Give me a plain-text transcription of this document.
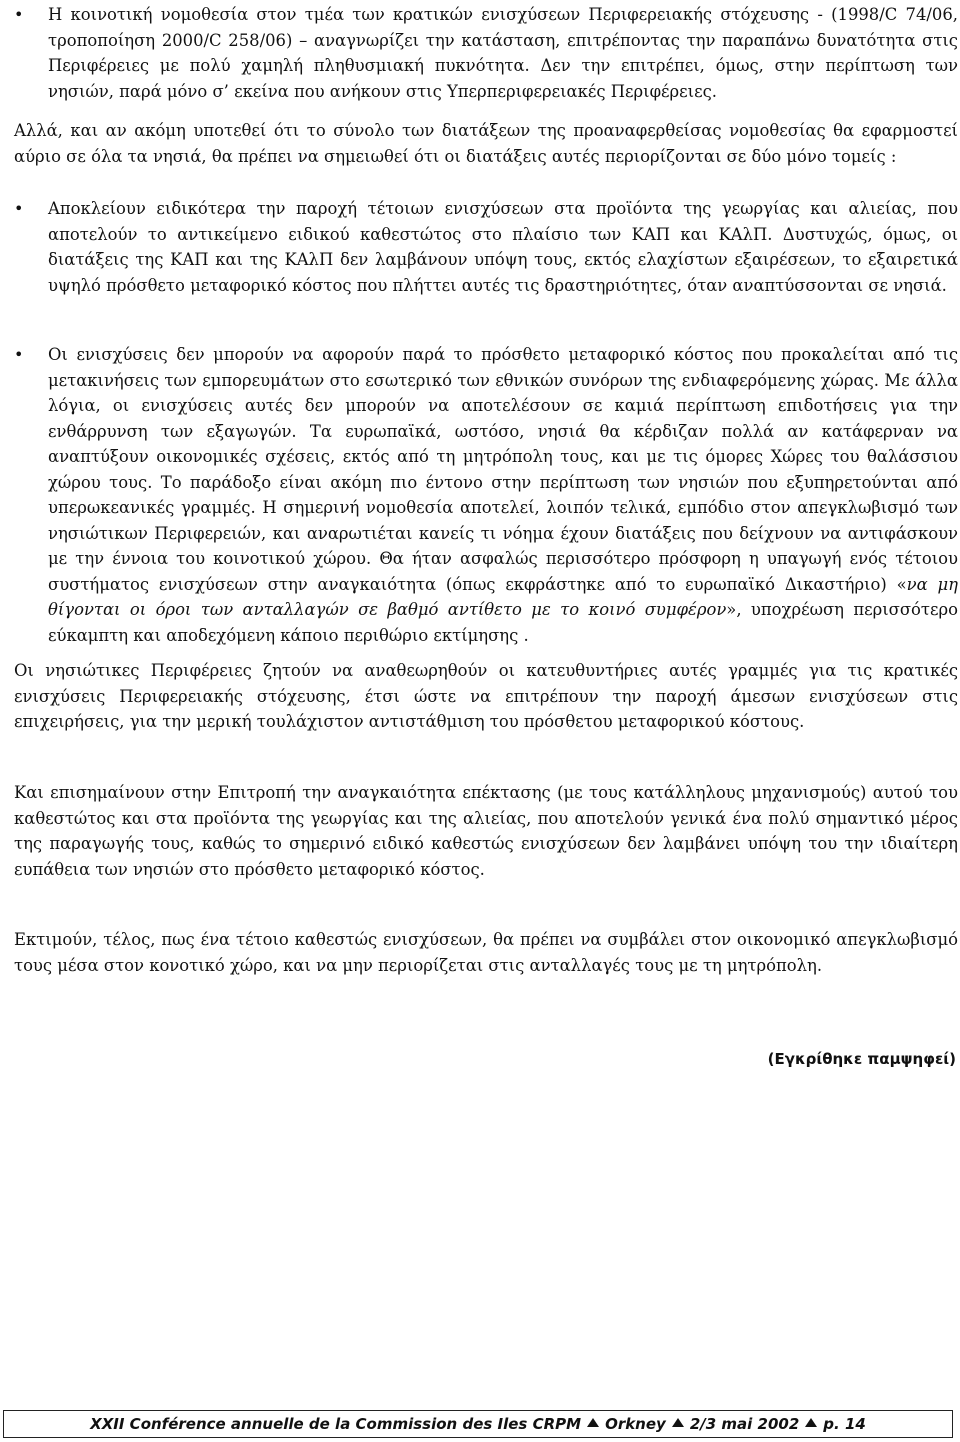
• Η κοινοτική νομοθεσία στον τμέα των κρατικών ενισχύσεων Περιφερειακής στόχευσης - (1998/C 74/06, τροποποίηση 2000/C 258/06) – αναγνωρίζει την κατάσταση, επιτρέποντας την παραπάνω δυνατότητα στις Περιφέρειες με πολύ χαμηλή πληθυσμιακή πυκνότητα. Δεν την επιτρέπει, όμως, στην περίπτωση των νησιών, παρά μόνο σ’ εκείνα που ανήκουν στις Υπερπεριφερειακές Περιφέρειες.

Αλλά, και αν ακόμη υποτεθεί ότι το σύνολο των διατάξεων της προαναφερθείσας νομοθεσίας θα εφαρμοστεί αύριο σε όλα τα νησιά, θα πρέπει να σημειωθεί ότι οι διατάξεις αυτές περιορίζονται σε δύο μόνο τομείς :

• Αποκλείουν ειδικότερα την παροχή τέτοιων ενισχύσεων στα προϊόντα της γεωργίας και αλιείας, που αποτελούν το αντικείμενο ειδικού καθεστώτος στο πλαίσιο των ΚΑΠ και ΚΑλΠ. Δυστυχώς, όμως, οι διατάξεις της ΚΑΠ και της ΚΑλΠ δεν λαμβάνουν υπόψη τους, εκτός ελαχίστων εξαιρέσεων, το εξαιρετικά υψηλό πρόσθετο μεταφορικό κόστος που πλήττει αυτές τις δραστηριότητες, όταν αναπτύσσονται σε νησιά.

• Οι ενισχύσεις δεν μπορούν να αφορούν παρά το πρόσθετο μεταφορικό κόστος που προκαλείται από τις μετακινήσεις των εμπορευμάτων στο εσωτερικό των εθνικών συνόρων της ενδιαφερόμενης χώρας. Με άλλα λόγια, οι ενισχύσεις αυτές δεν μπορούν να αποτελέσουν σε καμιά περίπτωση επιδοτήσεις για την ενθάρρυνση των εξαγωγών. Τα ευρωπαϊκά, ωστόσο, νησιά θα κέρδιζαν πολλά αν κατάφερναν να αναπτύξουν οικονομικές σχέσεις, εκτός από τη μητρόπολη τους, και με τις όμορες Χώρες του θαλάσσιου χώρου τους. Το παράδοξο είναι ακόμη πιο έντονο στην περίπτωση των νησιών που εξυπηρετούνται από υπερωκεανικές γραμμές. Η σημερινή νομοθεσία αποτελεί, λοιπόν τελικά, εμπόδιο στον απεγκλωβισμό των νησιώτικων Περιφερειών, και αναρωτιέται κανείς τι νόημα έχουν διατάξεις που δείχνουν να αντιφάσκουν με την έννοια του κοινοτικού χώρου. Θα ήταν ασφαλώς περισσότερο πρόσφορη η υπαγωγή ενός τέτοιου συστήματος ενισχύσεων στην αναγκαιότητα (όπως εκφράστηκε από το ευρωπαϊκό Δικαστήριο) «να μη θίγονται οι όροι των ανταλλαγών σε βαθμό αντίθετο με το κοινό συμφέρον», υποχρέωση περισσότερο εύκαμπτη και αποδεχόμενη κάποιο περιθώριο εκτίμησης .

Οι νησιώτικες Περιφέρειες ζητούν να αναθεωρηθούν οι κατευθυντήριες αυτές γραμμές για τις κρατικές ενισχύσεις Περιφερειακής στόχευσης, έτσι ώστε να επιτρέπουν την παροχή άμεσων ενισχύσεων στις επιχειρήσεις, για την μερική τουλάχιστον αντιστάθμιση του πρόσθετου μεταφορικού κόστους.

Και επισημαίνουν στην Επιτροπή την αναγκαιότητα επέκτασης (με τους κατάλληλους μηχανισμούς) αυτού του καθεστώτος και στα προϊόντα της γεωργίας και της αλιείας, που αποτελούν γενικά ένα πολύ σημαντικό μέρος της παραγωγής τους, καθώς το σημερινό ειδικό καθεστώς ενισχύσεων δεν λαμβάνει υπόψη του την ιδιαίτερη ευπάθεια των νησιών στο πρόσθετο μεταφορικό κόστος.

Εκτιμούν, τέλος, πως ένα τέτοιο καθεστώς ενισχύσεων, θα πρέπει να συμβάλει στον οικονομικό απεγκλωβισμό τους μέσα στον κονοτικό χώρο, και να μην περιορίζεται στις ανταλλαγές τους με τη μητρόπολη.

(Εγκρίθηκε παμψηφεί)
XXII Conférence annuelle de la Commission des Iles CRPM Orkney 2/3 mai 2002 p. 14
